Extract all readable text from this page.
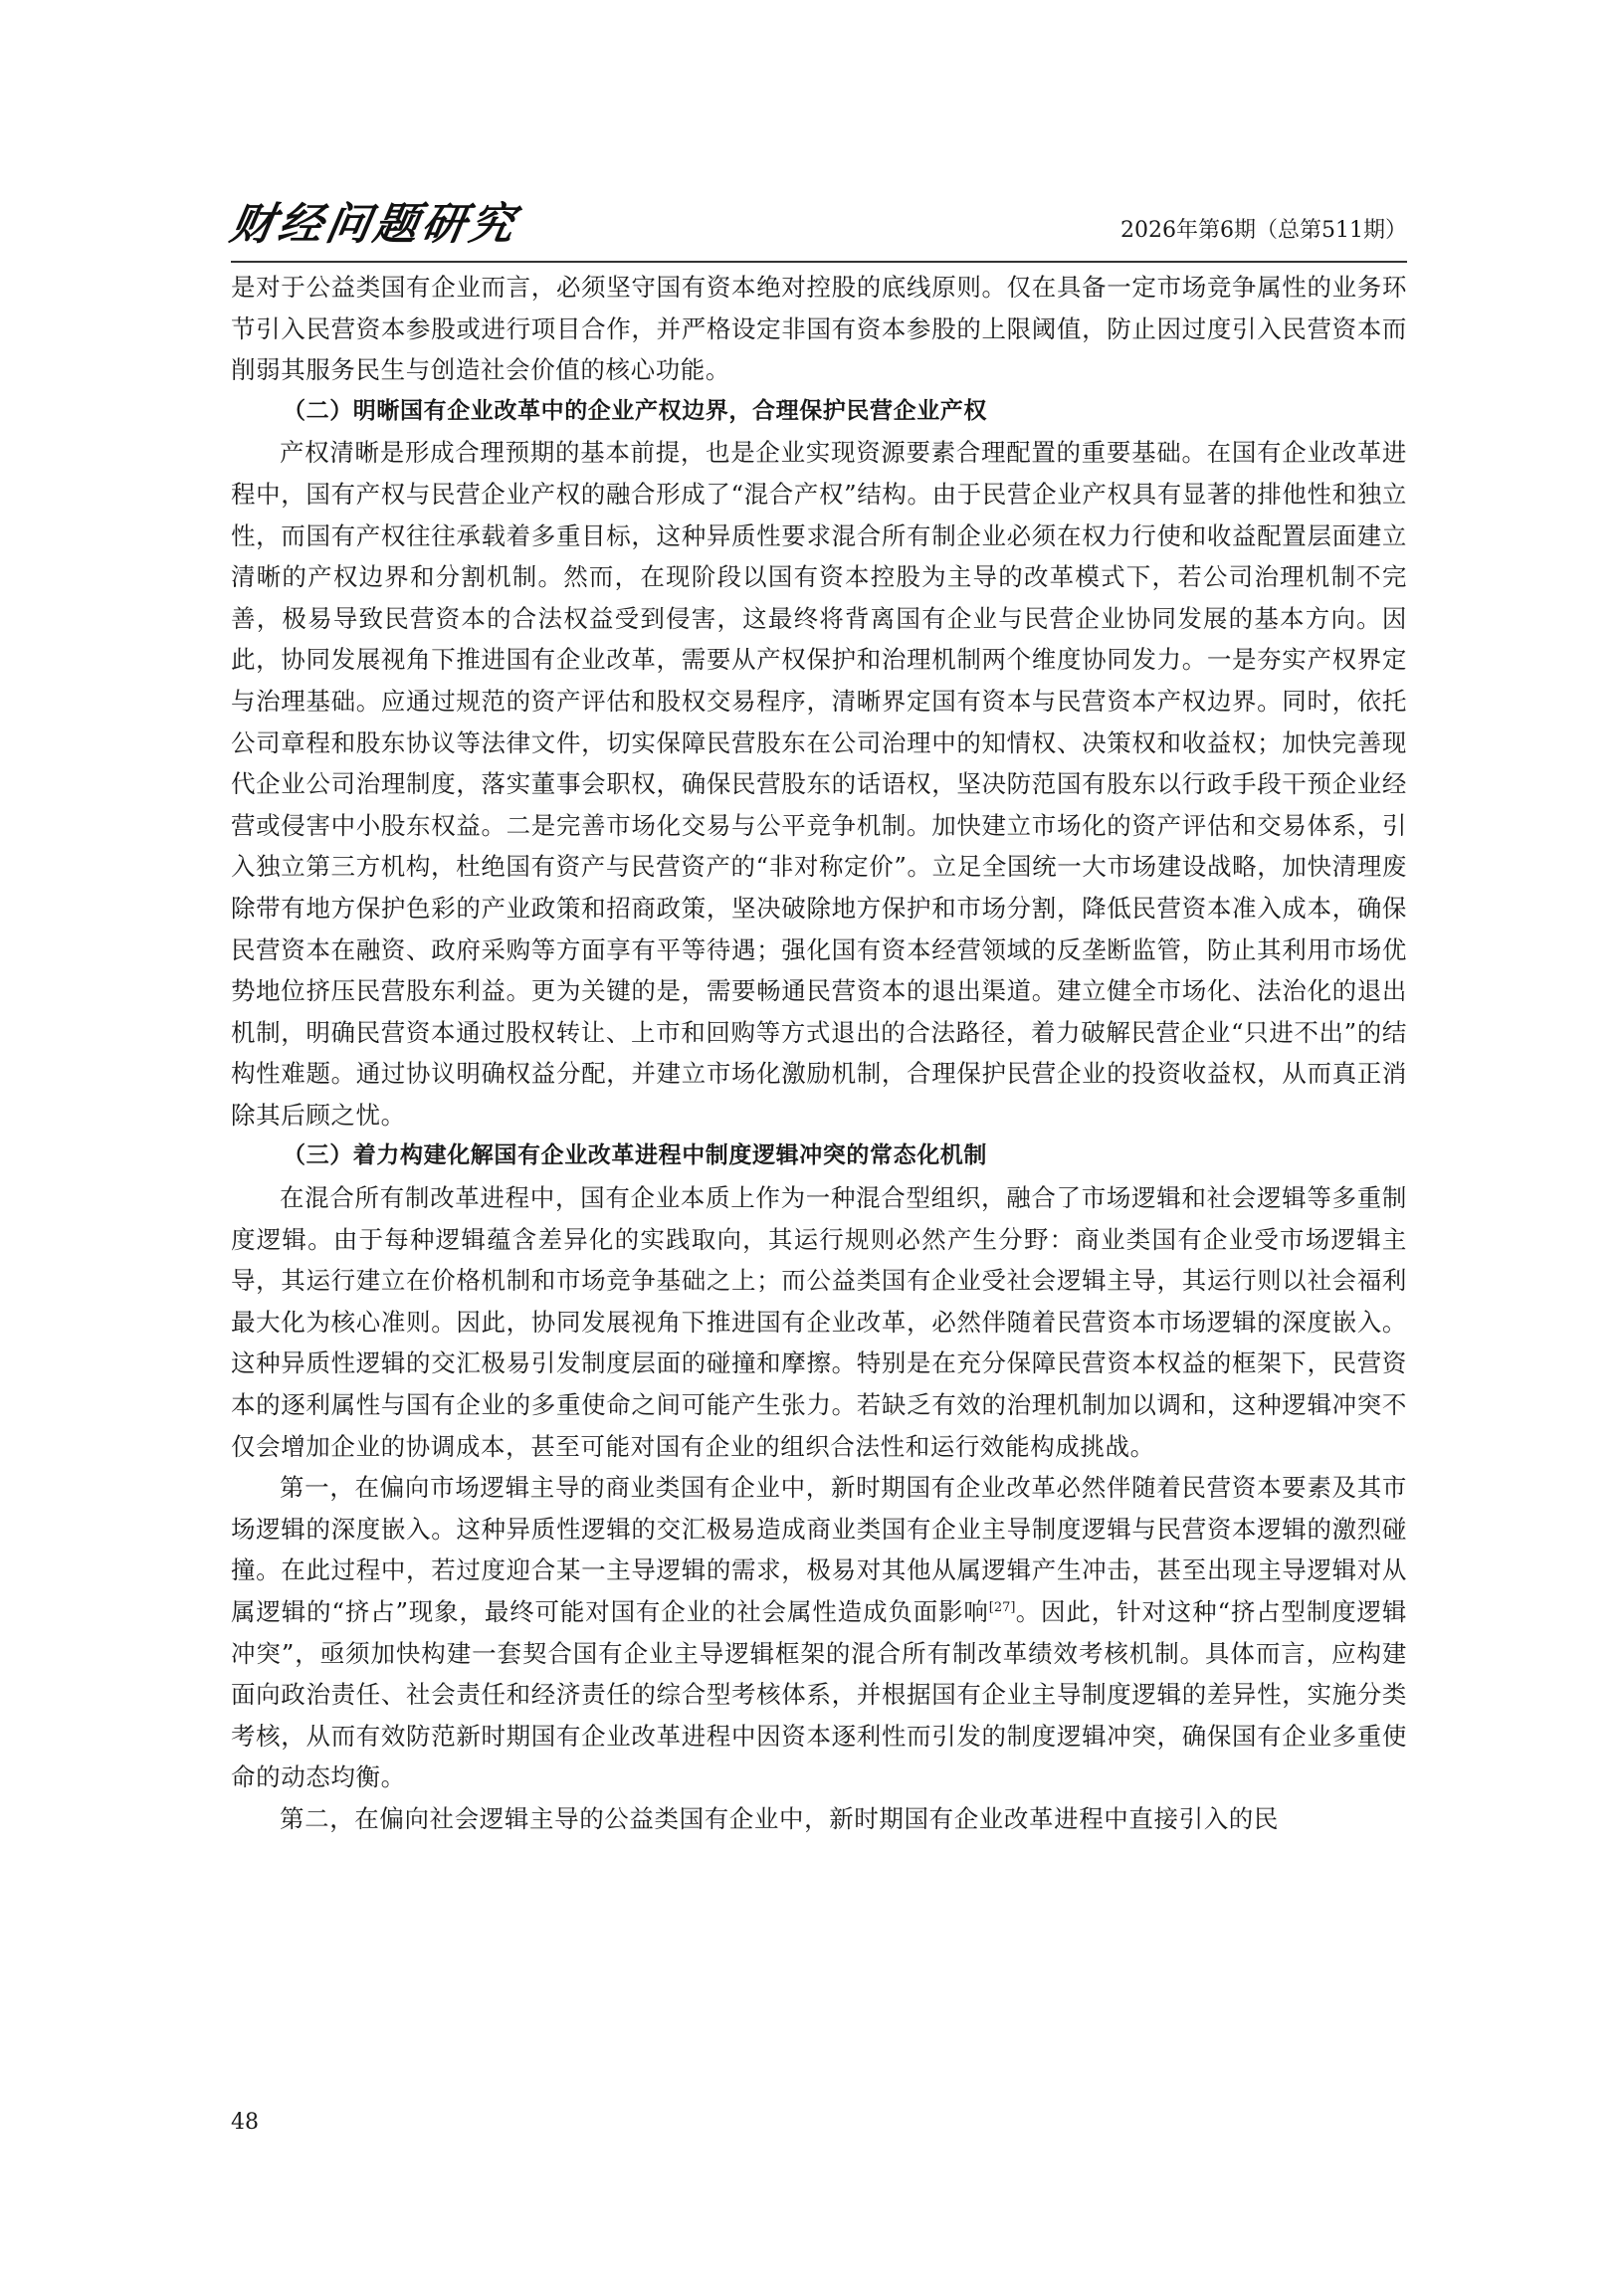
财经问题研究	2026年第6期（总第511期）

是对于公益类国有企业而言，必须坚守国有资本绝对控股的底线原则。仅在具备一定市场竞争属性的业务环节引入民营资本参股或进行项目合作，并严格设定非国有资本参股的上限阈值，防止因过度引入民营资本而削弱其服务民生与创造社会价值的核心功能。

（二）明晰国有企业改革中的企业产权边界，合理保护民营企业产权

产权清晰是形成合理预期的基本前提，也是企业实现资源要素合理配置的重要基础。在国有企业改革进程中，国有产权与民营企业产权的融合形成了“混合产权”结构。由于民营企业产权具有显著的排他性和独立性，而国有产权往往承载着多重目标，这种异质性要求混合所有制企业必须在权力行使和收益配置层面建立清晰的产权边界和分割机制。然而，在现阶段以国有资本控股为主导的改革模式下，若公司治理机制不完善，极易导致民营资本的合法权益受到侵害，这最终将背离国有企业与民营企业协同发展的基本方向。因此，协同发展视角下推进国有企业改革，需要从产权保护和治理机制两个维度协同发力。一是夯实产权界定与治理基础。应通过规范的资产评估和股权交易程序，清晰界定国有资本与民营资本产权边界。同时，依托公司章程和股东协议等法律文件，切实保障民营股东在公司治理中的知情权、决策权和收益权；加快完善现代企业公司治理制度，落实董事会职权，确保民营股东的话语权，坚决防范国有股东以行政手段干预企业经营或侵害中小股东权益。二是完善市场化交易与公平竞争机制。加快建立市场化的资产评估和交易体系，引入独立第三方机构，杜绝国有资产与民营资产的“非对称定价”。立足全国统一大市场建设战略，加快清理废除带有地方保护色彩的产业政策和招商政策，坚决破除地方保护和市场分割，降低民营资本准入成本，确保民营资本在融资、政府采购等方面享有平等待遇；强化国有资本经营领域的反垄断监管，防止其利用市场优势地位挤压民营股东利益。更为关键的是，需要畅通民营资本的退出渠道。建立健全市场化、法治化的退出机制，明确民营资本通过股权转让、上市和回购等方式退出的合法路径，着力破解民营企业“只进不出”的结构性难题。通过协议明确权益分配，并建立市场化激励机制，合理保护民营企业的投资收益权，从而真正消除其后顾之忧。

（三）着力构建化解国有企业改革进程中制度逻辑冲突的常态化机制

在混合所有制改革进程中，国有企业本质上作为一种混合型组织，融合了市场逻辑和社会逻辑等多重制度逻辑。由于每种逻辑蕴含差异化的实践取向，其运行规则必然产生分野：商业类国有企业受市场逻辑主导，其运行建立在价格机制和市场竞争基础之上；而公益类国有企业受社会逻辑主导，其运行则以社会福利最大化为核心准则。因此，协同发展视角下推进国有企业改革，必然伴随着民营资本市场逻辑的深度嵌入。这种异质性逻辑的交汇极易引发制度层面的碰撞和摩擦。特别是在充分保障民营资本权益的框架下，民营资本的逐利属性与国有企业的多重使命之间可能产生张力。若缺乏有效的治理机制加以调和，这种逻辑冲突不仅会增加企业的协调成本，甚至可能对国有企业的组织合法性和运行效能构成挑战。

第一，在偏向市场逻辑主导的商业类国有企业中，新时期国有企业改革必然伴随着民营资本要素及其市场逻辑的深度嵌入。这种异质性逻辑的交汇极易造成商业类国有企业主导制度逻辑与民营资本逻辑的激烈碰撞。在此过程中，若过度迎合某一主导逻辑的需求，极易对其他从属逻辑产生冲击，甚至出现主导逻辑对从属逻辑的“挤占”现象，最终可能对国有企业的社会属性造成负面影响[27]。因此，针对这种“挤占型制度逻辑冲突”，亟须加快构建一套契合国有企业主导逻辑框架的混合所有制改革绩效考核机制。具体而言，应构建面向政治责任、社会责任和经济责任的综合型考核体系，并根据国有企业主导制度逻辑的差异性，实施分类考核，从而有效防范新时期国有企业改革进程中因资本逐利性而引发的制度逻辑冲突，确保国有企业多重使命的动态均衡。

第二，在偏向社会逻辑主导的公益类国有企业中，新时期国有企业改革进程中直接引入的民

48
